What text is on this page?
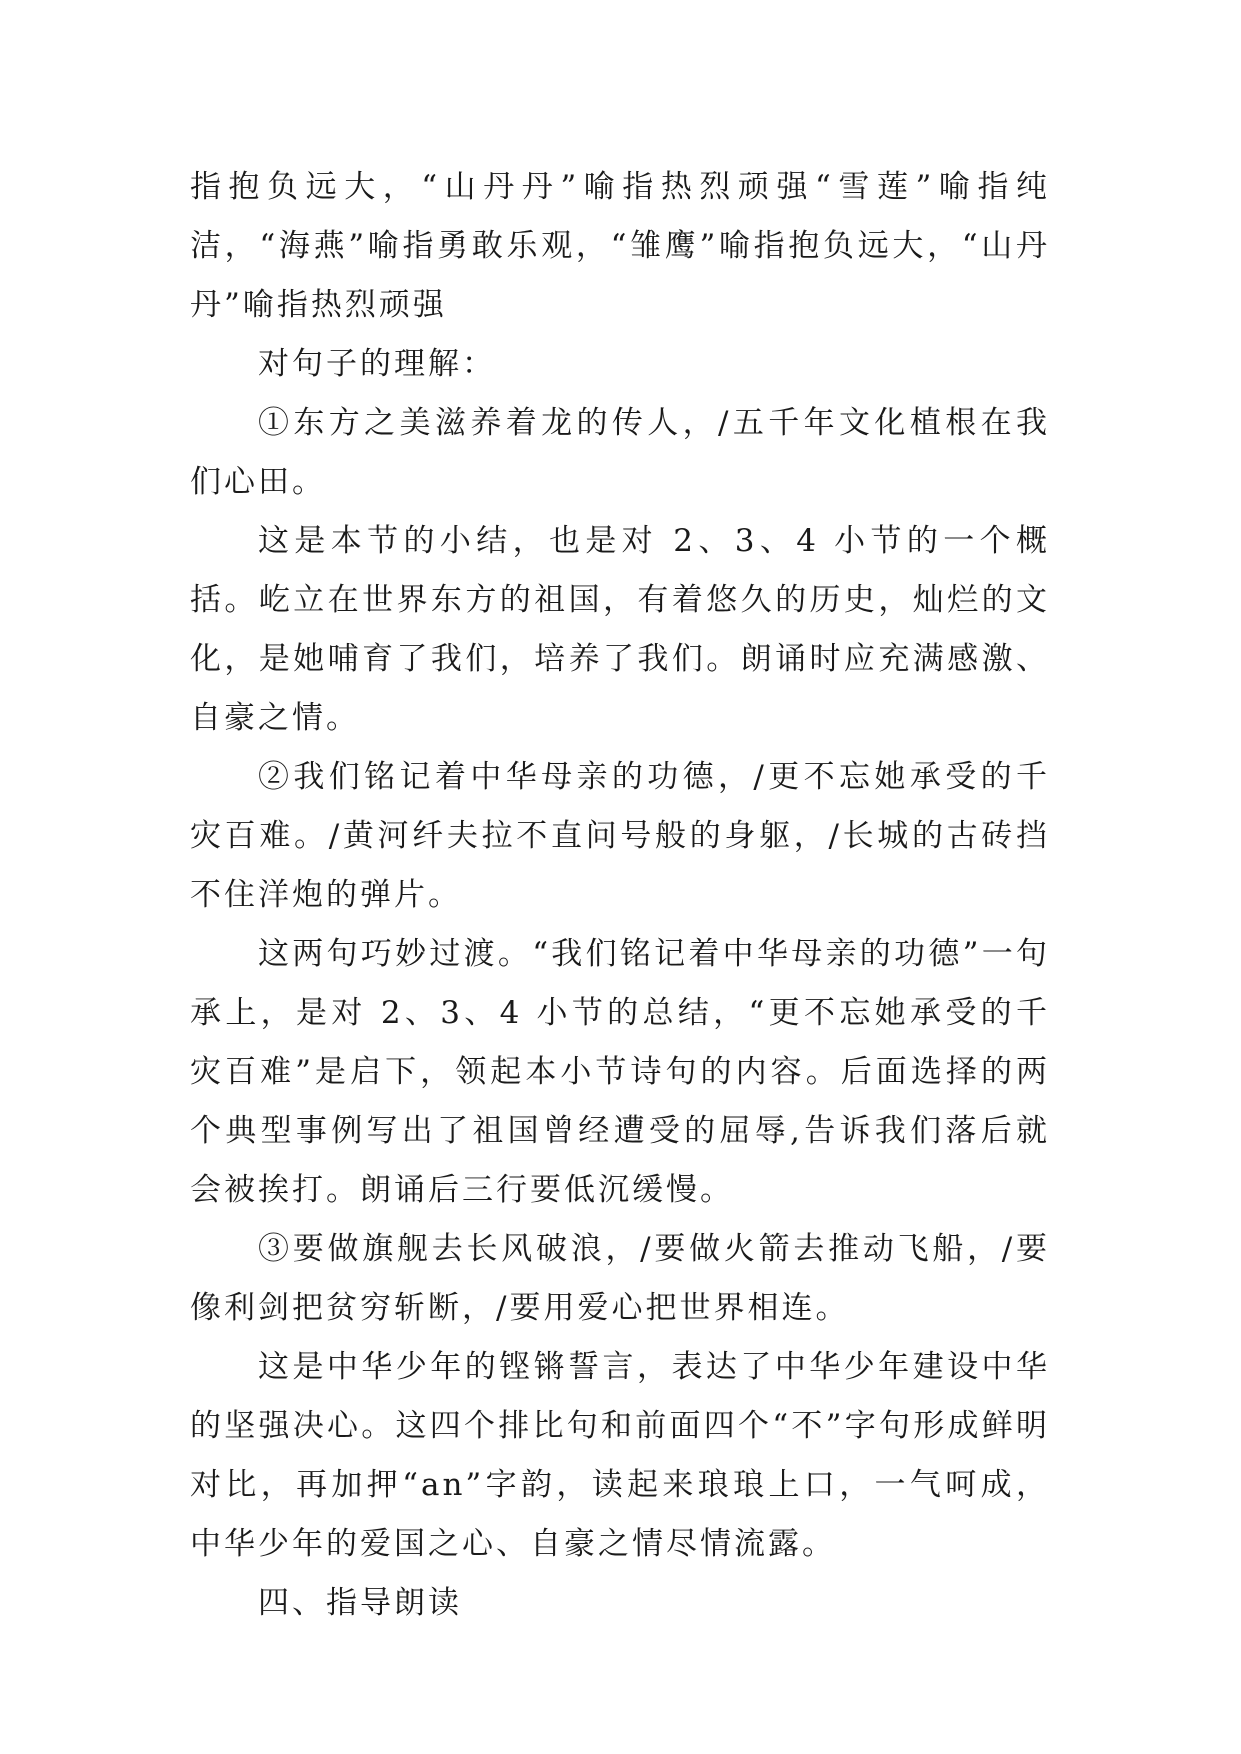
指抱负远大，“山丹丹”喻指热烈顽强“雪莲”喻指纯洁，“海燕”喻指勇敢乐观，“雏鹰”喻指抱负远大，“山丹丹”喻指热烈顽强

对句子的理解：

①东方之美滋养着龙的传人，/五千年文化植根在我们心田。

这是本节的小结，也是对 2、3、4 小节的一个概括。屹立在世界东方的祖国，有着悠久的历史，灿烂的文化，是她哺育了我们，培养了我们。朗诵时应充满感激、自豪之情。

②我们铭记着中华母亲的功德，/更不忘她承受的千灾百难。/黄河纤夫拉不直问号般的身躯，/长城的古砖挡不住洋炮的弹片。

这两句巧妙过渡。“我们铭记着中华母亲的功德”一句承上，是对 2、3、4 小节的总结，“更不忘她承受的千灾百难”是启下，领起本小节诗句的内容。后面选择的两个典型事例写出了祖国曾经遭受的屈辱,告诉我们落后就会被挨打。朗诵后三行要低沉缓慢。

③要做旗舰去长风破浪，/要做火箭去推动飞船，/要像利剑把贫穷斩断，/要用爱心把世界相连。

这是中华少年的铿锵誓言，表达了中华少年建设中华的坚强决心。这四个排比句和前面四个“不”字句形成鲜明对比，再加押“an”字韵，读起来琅琅上口，一气呵成，中华少年的爱国之心、自豪之情尽情流露。

四、指导朗读
